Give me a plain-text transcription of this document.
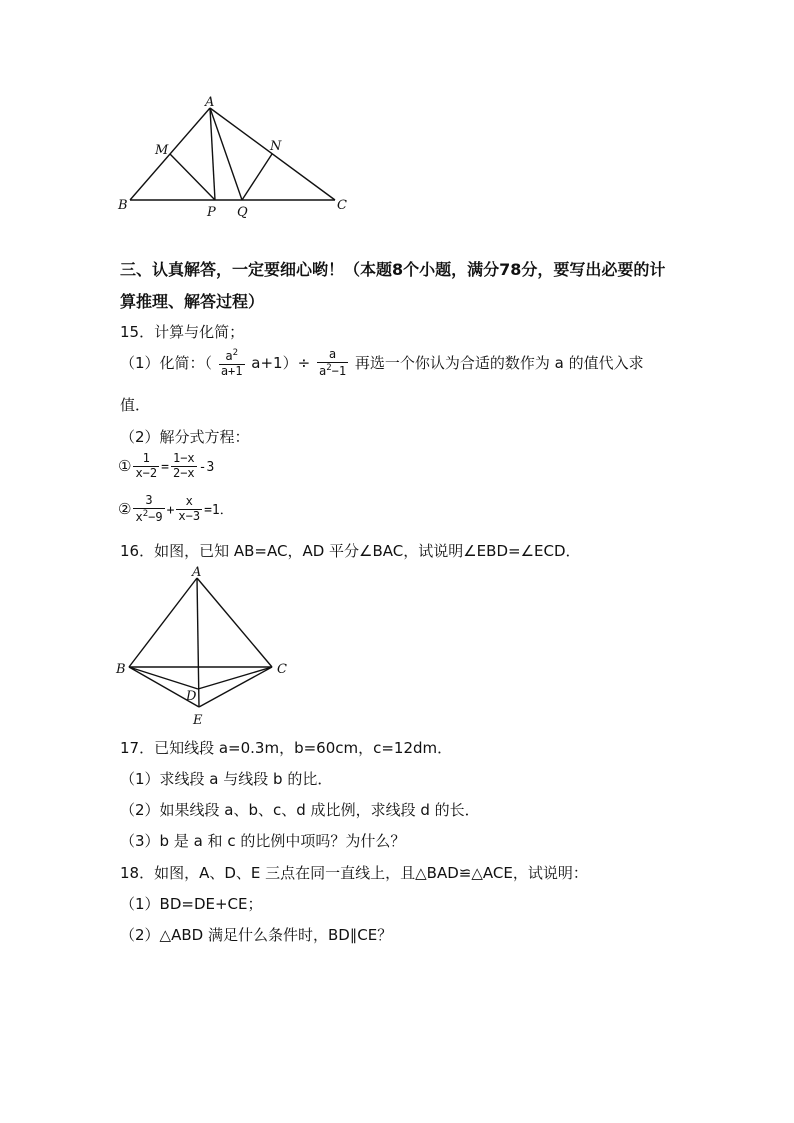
A
M	N
B	P Q	C
三、认真解答，一定要细心哟！（本题8个小题，满分78分，要写出必要的计
算推理、解答过程）
15．计算与化简；
（1）化简：（ $\frac{a^2}{a+1} a+1)\div \frac{a}{a^2-1}$ 再选一个你认为合适的数作为 a 的值代入求
值．
（2）解分式方程：
① $\frac{1}{x-2} = \frac{1-x}{2-x} -3$
② $\frac{3}{x^2-9} + \frac{x}{x-3} =1$．
16．如图，已知 AB=AC，AD 平分∠BAC，试说明∠EBD=∠ECD．
A
B	C
D
E
17．已知线段 a=0.3m，b=60cm，c=12dm．
（1）求线段 a 与线段 b 的比．
（2）如果线段 a、b、c、d 成比例，求线段 d 的长．
（3）b 是 a 和 c 的比例中项吗？为什么？
18．如图，A、D、E 三点在同一直线上，且△BAD≌△ACE，试说明：
（1）BD=DE+CE；
（2）△ABD 满足什么条件时，BD∥CE？
